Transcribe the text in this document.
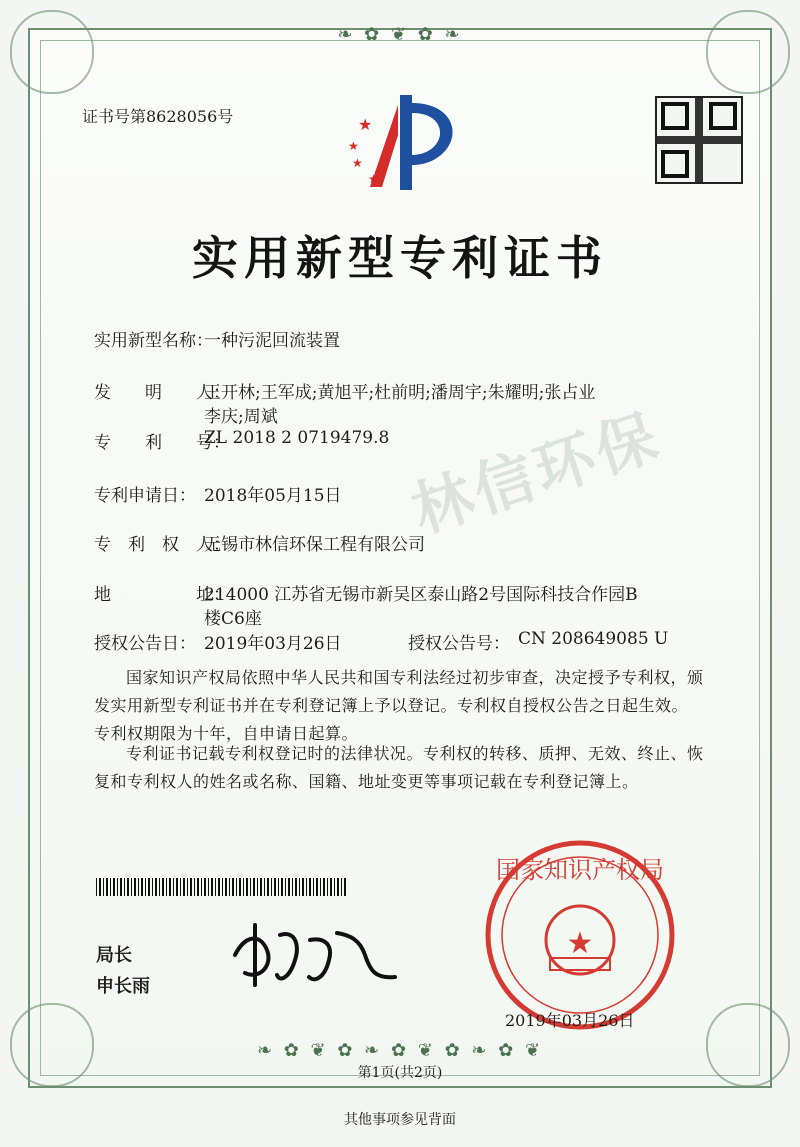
❧ ✿ ❦ ✿ ❧
❧ ✿ ❦ ✿ ❧ ✿ ❦ ✿ ❧ ✿ ❦
证书号第8628056号	★
★
★
★
实用新型专利证书
林信环保
实用新型名称：
一种污泥回流装置
发　　明　　人：
王开林;王军成;黄旭平;杜前明;潘周宇;朱耀明;张占业
李庆;周斌
专　　利　　号：
ZL 2018 2 0719479.8
专利申请日： 2018年05月15日
专　利　权　人：
无锡市林信环保工程有限公司
地　　　　　址：
214000 江苏省无锡市新吴区泰山路2号国际科技合作园B
楼C6座
授权公告日： 2019年03月26日	授权公告号： CN 208649085 U
国家知识产权局依照中华人民共和国专利法经过初步审查，决定授予专利权，颁发实用新型专利证书并在专利登记簿上予以登记。专利权自授权公告之日起生效。专利权期限为十年，自申请日起算。
专利证书记载专利权登记时的法律状况。专利权的转移、质押、无效、终止、恢复和专利权人的姓名或名称、国籍、地址变更等事项记载在专利登记簿上。
局长
申长雨
国家知识产权局
★
2019年03月26日
第1页(共2页)
其他事项参见背面
